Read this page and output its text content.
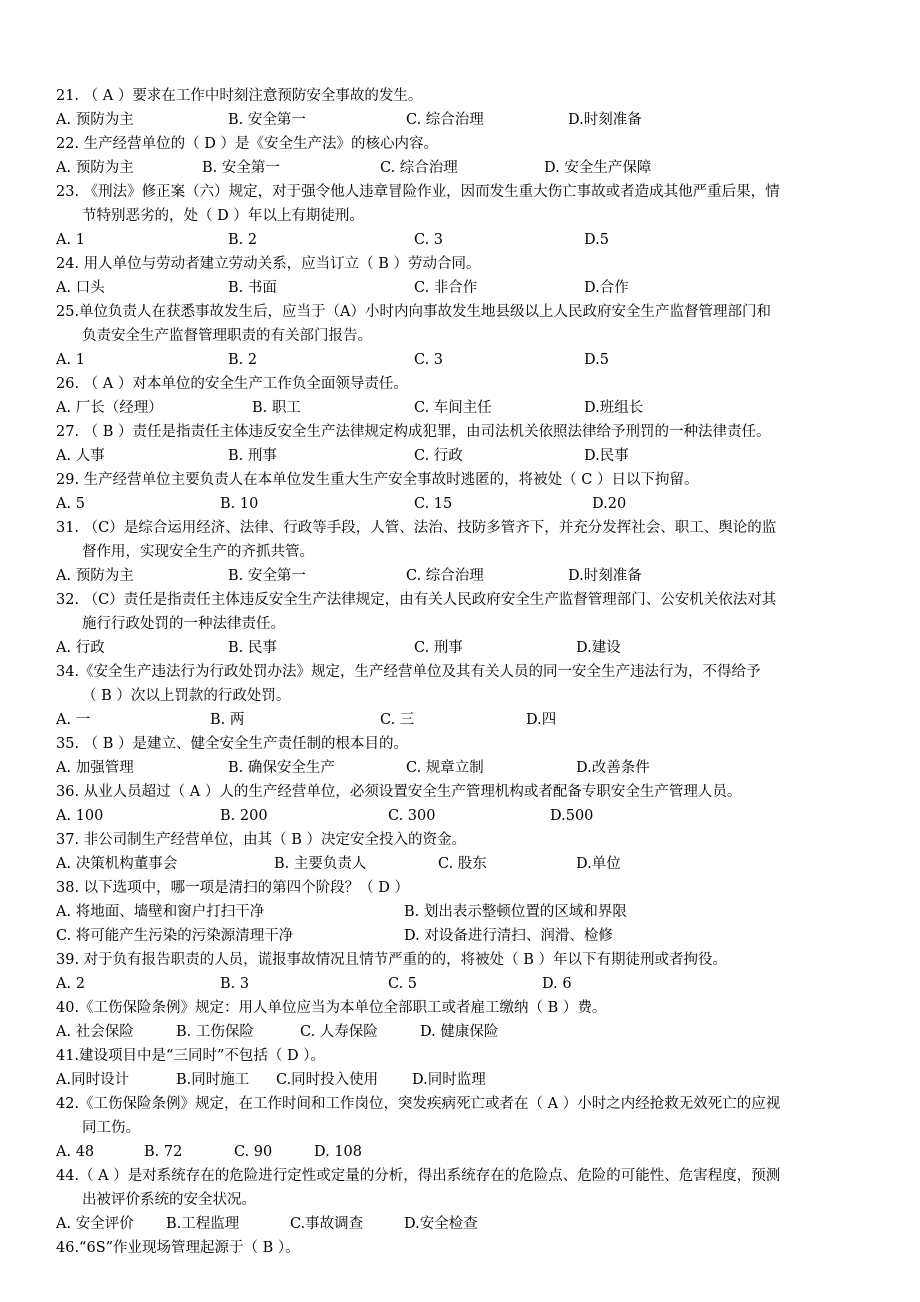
21. （ A ）要求在工作中时刻注意预防安全事故的发生。

A. 预防为主

	B. 安全第一

	C. 综合治理

	D.时刻准备

22. 生产经营单位的（ D ）是《安全生产法》的核心内容。

A. 预防为主

	B. 安全第一

	C. 综合治理

	D. 安全生产保障

23. 《刑法》修正案（六）规定，对于强令他人违章冒险作业，因而发生重大伤亡事故或者造成其他严重后果，情
节特别恶劣的，处（ D ）年以上有期徒刑。

A. 1

	B. 2

	C. 3

	D.5

24. 用人单位与劳动者建立劳动关系，应当订立（ B ）劳动合同。

A. 口头

	B. 书面

	C. 非合作

	D.合作

25.单位负责人在获悉事故发生后，应当于（A）小时内向事故发生地县级以上人民政府安全生产监督管理部门和
负责安全生产监督管理职责的有关部门报告。

A. 1

	B. 2

	C. 3

	D.5

26. （ A ）对本单位的安全生产工作负全面领导责任。

A. 厂长（经理）

	B. 职工

	C. 车间主任

	D.班组长

27. （ B ）责任是指责任主体违反安全生产法律规定构成犯罪，由司法机关依照法律给予刑罚的一种法律责任。

A. 人事

	B. 刑事

	C. 行政

	D.民事

29. 生产经营单位主要负责人在本单位发生重大生产安全事故时逃匿的，将被处（ C ）日以下拘留。

A. 5

	B. 10

	C. 15

	D.20

31. （C）是综合运用经济、法律、行政等手段，人管、法治、技防多管齐下，并充分发挥社会、职工、舆论的监
督作用，实现安全生产的齐抓共管。

A. 预防为主

	B. 安全第一

	C. 综合治理

	D.时刻准备

32. （C）责任是指责任主体违反安全生产法律规定，由有关人民政府安全生产监督管理部门、公安机关依法对其
施行行政处罚的一种法律责任。

A. 行政

	B. 民事

	C. 刑事

	D.建设

34.《安全生产违法行为行政处罚办法》规定，生产经营单位及其有关人员的同一安全生产违法行为，不得给予
（ B ）次以上罚款的行政处罚。

A. 一

	B. 两

	C. 三

	D.四

35. （ B ）是建立、健全安全生产责任制的根本目的。

A. 加强管理

	B. 确保安全生产

	C. 规章立制

	D.改善条件

36. 从业人员超过（ A ）人的生产经营单位，必须设置安全生产管理机构或者配备专职安全生产管理人员。

A. 100

	B. 200

	C. 300

	D.500

37. 非公司制生产经营单位，由其（ B ）决定安全投入的资金。

A. 决策机构董事会

	B. 主要负责人

	C. 股东

	D.单位

38. 以下选项中，哪一项是清扫的第四个阶段？（ D ）

A. 将地面、墙壁和窗户打扫干净

	B. 划出表示整顿位置的区域和界限

C. 将可能产生污染的污染源清理干净

	D. 对设备进行清扫、润滑、检修

39. 对于负有报告职责的人员，谎报事故情况且情节严重的的，将被处（ B ）年以下有期徒刑或者拘役。

A. 2

	B. 3

	C. 5

	D. 6

40.《工伤保险条例》规定：用人单位应当为本单位全部职工或者雇工缴纳（ B ）费。

A. 社会保险

	B. 工伤保险

	C. 人寿保险

	D. 健康保险

41.建设项目中是“三同时”不包括（ D ）。

A.同时设计

	B.同时施工

C.同时投入使用

D.同时监理

42.《工伤保险条例》规定，在工作时间和工作岗位，突发疾病死亡或者在（ A ）小时之内经抢救无效死亡的应视
同工伤。

A. 48

	B. 72

	C. 90

	D. 108

44.（ A ）是对系统存在的危险进行定性或定量的分析，得出系统存在的危险点、危险的可能性、危害程度，预测
出被评价系统的安全状况。

A. 安全评价

B.工程监理

	C.事故调查

	D.安全检查

46.“6S”作业现场管理起源于（ B ）。
